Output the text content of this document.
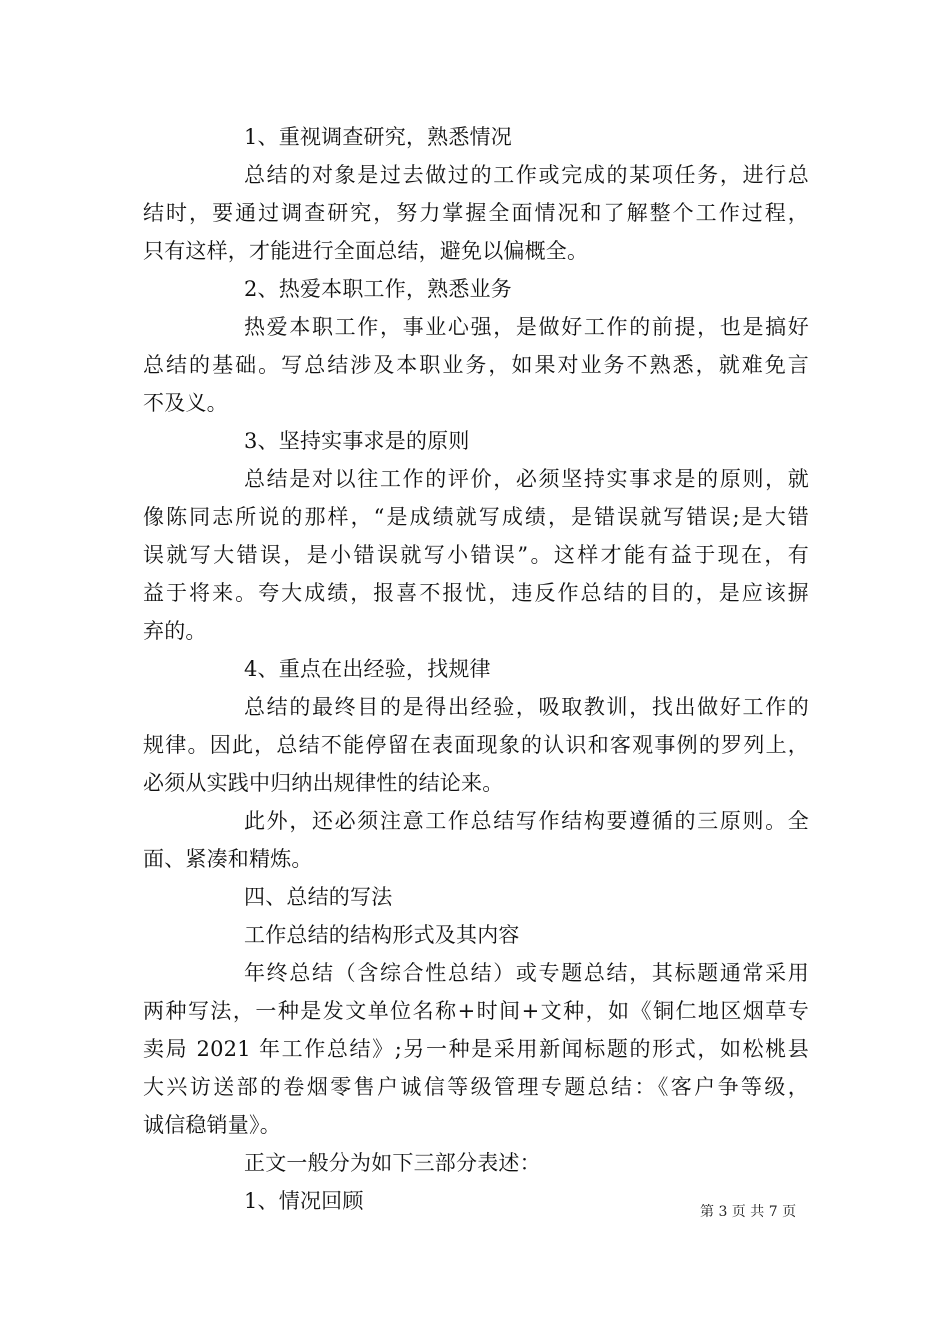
1、重视调查研究，熟悉情况
总结的对象是过去做过的工作或完成的某项任务，进行总
结时，要通过调查研究，努力掌握全面情况和了解整个工作过程，
只有这样，才能进行全面总结，避免以偏概全。
2、热爱本职工作，熟悉业务
热爱本职工作，事业心强，是做好工作的前提，也是搞好
总结的基础。写总结涉及本职业务，如果对业务不熟悉，就难免言
不及义。
3、坚持实事求是的原则
总结是对以往工作的评价，必须坚持实事求是的原则，就
像陈同志所说的那样，“是成绩就写成绩，是错误就写错误;是大错
误就写大错误，是小错误就写小错误”。这样才能有益于现在，有
益于将来。夸大成绩，报喜不报忧，违反作总结的目的，是应该摒
弃的。
4、重点在出经验，找规律
总结的最终目的是得出经验，吸取教训，找出做好工作的
规律。因此，总结不能停留在表面现象的认识和客观事例的罗列上，
必须从实践中归纳出规律性的结论来。
此外，还必须注意工作总结写作结构要遵循的三原则。全
面、紧凑和精炼。
四、总结的写法
工作总结的结构形式及其内容
年终总结（含综合性总结）或专题总结，其标题通常采用
两种写法，一种是发文单位名称+时间+文种，如《铜仁地区烟草专
卖局 2021 年工作总结》;另一种是采用新闻标题的形式，如松桃县
大兴访送部的卷烟零售户诚信等级管理专题总结：《客户争等级，
诚信稳销量》。
正文一般分为如下三部分表述：
1、情况回顾	第 3 页 共 7 页
